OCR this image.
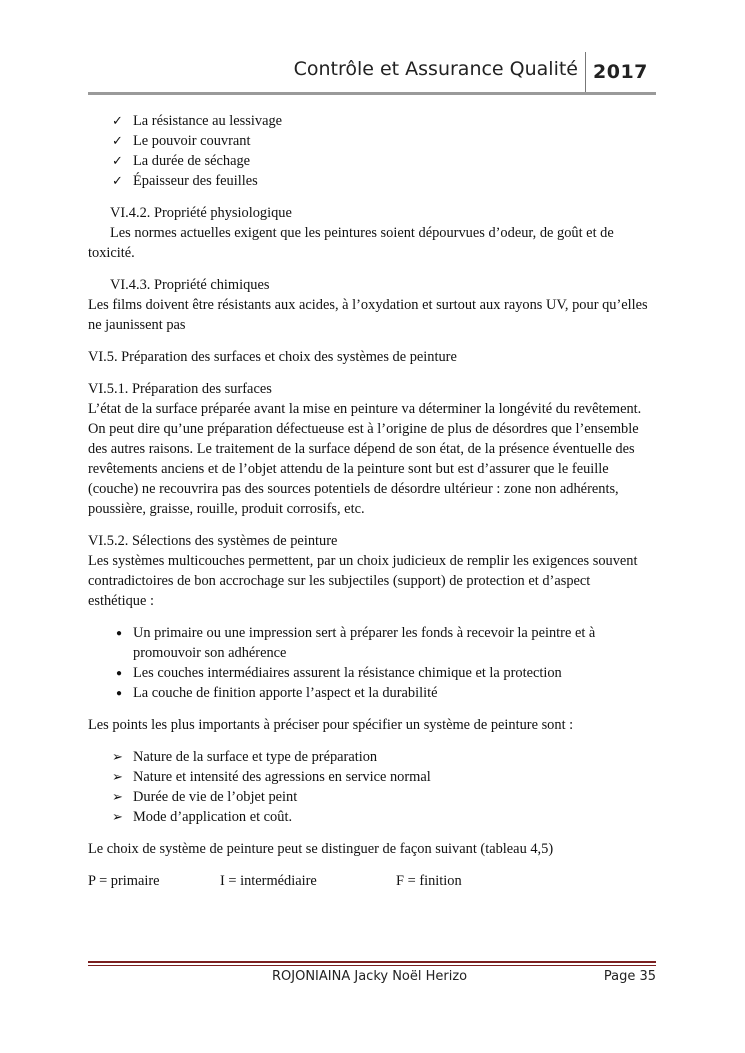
Contrôle et Assurance Qualité 2017
✓ La résistance au lessivage
✓ Le pouvoir couvrant
✓ La durée de séchage
✓ Épaisseur des feuilles

VI.4.2. Propriété physiologique

Les normes actuelles exigent que les peintures soient dépourvues d’odeur, de goût et de toxicité.

VI.4.3. Propriété chimiques

Les films doivent être résistants aux acides, à l’oxydation et surtout aux rayons UV, pour qu’elles ne jaunissent pas

VI.5. Préparation des surfaces et choix des systèmes de peinture

VI.5.1. Préparation des surfaces

L’état de la surface préparée avant la mise en peinture va déterminer la longévité du revêtement. On peut dire qu’une préparation défectueuse est à l’origine de plus de désordres que l’ensemble des autres raisons. Le traitement de la surface dépend de son état, de la présence éventuelle des revêtements anciens et de l’objet attendu de la peinture sont but est d’assurer que le feuille (couche) ne recouvrira pas des sources potentiels de désordre ultérieur : zone non adhérents, poussière, graisse, rouille, produit corrosifs, etc.

VI.5.2. Sélections des systèmes de peinture

Les systèmes multicouches permettent, par un choix judicieux de remplir les exigences souvent contradictoires de bon accrochage sur les subjectiles (support) de protection et d’aspect esthétique :

● Un primaire ou une impression sert à préparer les fonds à recevoir la peintre et à promouvoir son adhérence
● Les couches intermédiaires assurent la résistance chimique et la protection
● La couche de finition apporte l’aspect et la durabilité

Les points les plus importants à préciser pour spécifier un système de peinture sont :

➢ Nature de la surface et type de préparation
➢ Nature et intensité des agressions en service normal
➢ Durée de vie de l’objet peint
➢ Mode d’application et coût.

Le choix de système de peinture peut se distinguer de façon suivant (tableau 4,5)

P = primaire	I = intermédiaire	F = finition
ROJONIAINA Jacky Noël Herizo	Page 35
